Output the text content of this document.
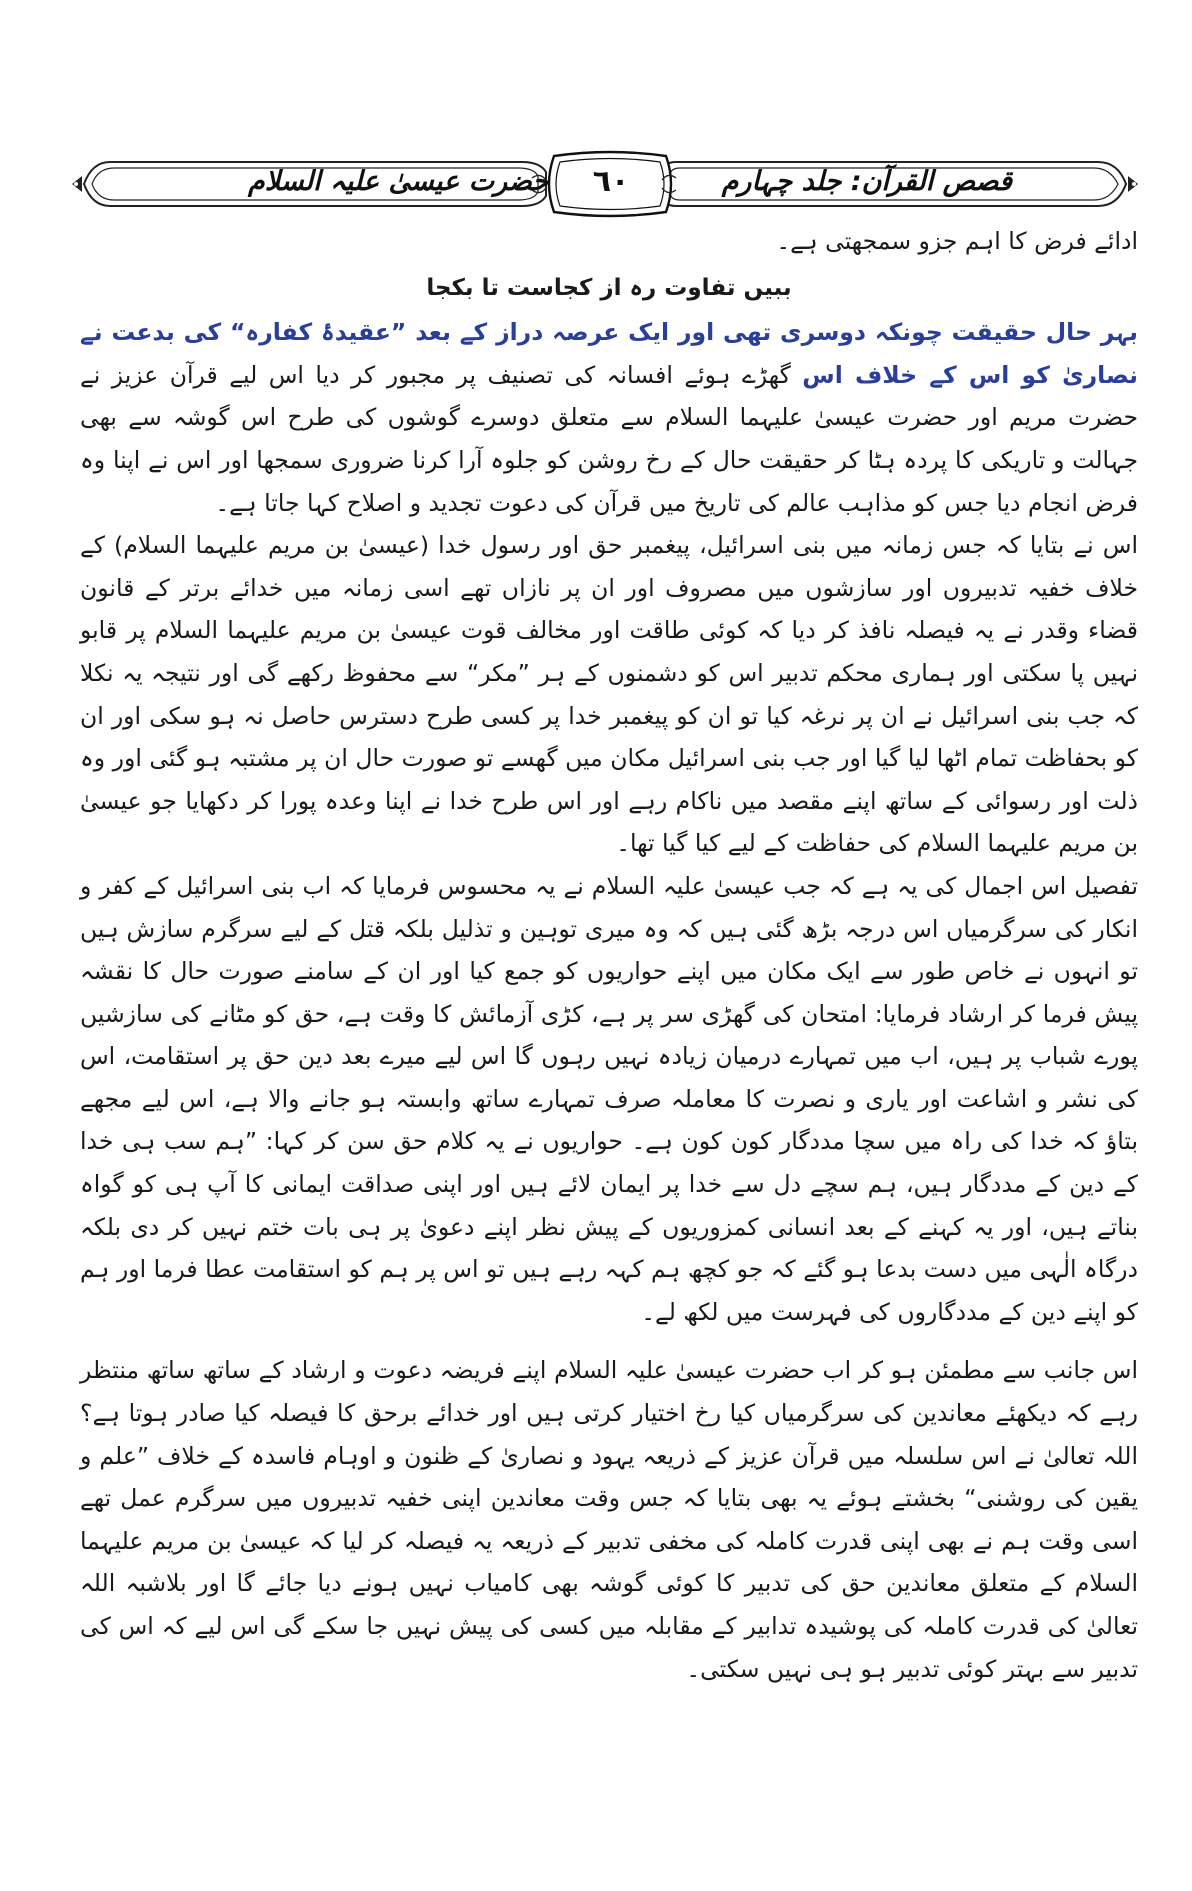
قصص القرآن: جلد چہارم
٦٠
حضرت عیسیٰ علیہ السلام

ادائے فرض کا اہم جزو سمجھتی ہے۔

ببیں تفاوت رہ از کجاست تا بکجا

بہر حال حقیقت چونکہ دوسری تھی اور ایک عرصہ دراز کے بعد ”عقیدۂ کفارہ“ کی بدعت نے نصاریٰ کو اس کے خلاف اس گھڑے ہوئے افسانہ کی تصنیف پر مجبور کر دیا اس لیے قرآن عزیز نے حضرت مریم اور حضرت عیسیٰ علیہما السلام سے متعلق دوسرے گوشوں کی طرح اس گوشہ سے بھی جہالت و تاریکی کا پردہ ہٹا کر حقیقت حال کے رخ روشن کو جلوہ آرا کرنا ضروری سمجھا اور اس نے اپنا وہ فرض انجام دیا جس کو مذاہب عالم کی تاریخ میں قرآن کی دعوت تجدید و اصلاح کہا جاتا ہے۔

اس نے بتایا کہ جس زمانہ میں بنی اسرائیل، پیغمبر حق اور رسول خدا (عیسیٰ بن مریم علیہما السلام) کے خلاف خفیہ تدبیروں اور سازشوں میں مصروف اور ان پر نازاں تھے اسی زمانہ میں خدائے برتر کے قانون قضاء وقدر نے یہ فیصلہ نافذ کر دیا کہ کوئی طاقت اور مخالف قوت عیسیٰ بن مریم علیہما السلام پر قابو نہیں پا سکتی اور ہماری محکم تدبیر اس کو دشمنوں کے ہر ”مکر“ سے محفوظ رکھے گی اور نتیجہ یہ نکلا کہ جب بنی اسرائیل نے ان پر نرغہ کیا تو ان کو پیغمبر خدا پر کسی طرح دسترس حاصل نہ ہو سکی اور ان کو بحفاظت تمام اٹھا لیا گیا اور جب بنی اسرائیل مکان میں گھسے تو صورت حال ان پر مشتبہ ہو گئی اور وہ ذلت اور رسوائی کے ساتھ اپنے مقصد میں ناکام رہے اور اس طرح خدا نے اپنا وعدہ پورا کر دکھایا جو عیسیٰ بن مریم علیہما السلام کی حفاظت کے لیے کیا گیا تھا۔

تفصیل اس اجمال کی یہ ہے کہ جب عیسیٰ علیہ السلام نے یہ محسوس فرمایا کہ اب بنی اسرائیل کے کفر و انکار کی سرگرمیاں اس درجہ بڑھ گئی ہیں کہ وہ میری توہین و تذلیل بلکہ قتل کے لیے سرگرم سازش ہیں تو انہوں نے خاص طور سے ایک مکان میں اپنے حواریوں کو جمع کیا اور ان کے سامنے صورت حال کا نقشہ پیش فرما کر ارشاد فرمایا: امتحان کی گھڑی سر پر ہے، کڑی آزمائش کا وقت ہے، حق کو مٹانے کی سازشیں پورے شباب پر ہیں، اب میں تمہارے درمیان زیادہ نہیں رہوں گا اس لیے میرے بعد دین حق پر استقامت، اس کی نشر و اشاعت اور یاری و نصرت کا معاملہ صرف تمہارے ساتھ وابستہ ہو جانے والا ہے، اس لیے مجھے بتاؤ کہ خدا کی راہ میں سچا مددگار کون کون ہے۔ حواریوں نے یہ کلام حق سن کر کہا: ”ہم سب ہی خدا کے دین کے مددگار ہیں، ہم سچے دل سے خدا پر ایمان لائے ہیں اور اپنی صداقت ایمانی کا آپ ہی کو گواہ بناتے ہیں، اور یہ کہنے کے بعد انسانی کمزوریوں کے پیش نظر اپنے دعویٰ پر ہی بات ختم نہیں کر دی بلکہ درگاہ الٰہی میں دست بدعا ہو گئے کہ جو کچھ ہم کہہ رہے ہیں تو اس پر ہم کو استقامت عطا فرما اور ہم کو اپنے دین کے مددگاروں کی فہرست میں لکھ لے۔

اس جانب سے مطمئن ہو کر اب حضرت عیسیٰ علیہ السلام اپنے فریضہ دعوت و ارشاد کے ساتھ ساتھ منتظر رہے کہ دیکھئے معاندین کی سرگرمیاں کیا رخ اختیار کرتی ہیں اور خدائے برحق کا فیصلہ کیا صادر ہوتا ہے؟ اللہ تعالیٰ نے اس سلسلہ میں قرآن عزیز کے ذریعہ یہود و نصاریٰ کے ظنون و اوہام فاسدہ کے خلاف ”علم و یقین کی روشنی“ بخشتے ہوئے یہ بھی بتایا کہ جس وقت معاندین اپنی خفیہ تدبیروں میں سرگرم عمل تھے اسی وقت ہم نے بھی اپنی قدرت کاملہ کی مخفی تدبیر کے ذریعہ یہ فیصلہ کر لیا کہ عیسیٰ بن مریم علیہما السلام کے متعلق معاندین حق کی تدبیر کا کوئی گوشہ بھی کامیاب نہیں ہونے دیا جائے گا اور بلاشبہ اللہ تعالیٰ کی قدرت کاملہ کی پوشیدہ تدابیر کے مقابلہ میں کسی کی پیش نہیں جا سکے گی اس لیے کہ اس کی تدبیر سے بہتر کوئی تدبیر ہو ہی نہیں سکتی۔
